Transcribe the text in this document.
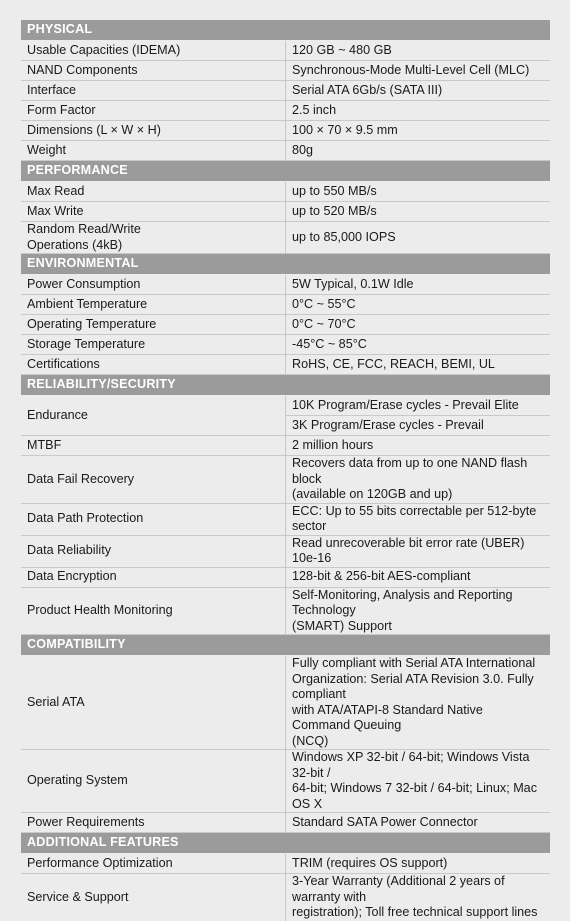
PHYSICAL	
Usable Capacities (IDEMA)	120 GB ~ 480 GB
NAND Components	Synchronous-Mode Multi-Level Cell (MLC)
Interface	Serial ATA 6Gb/s (SATA III)
Form Factor	2.5 inch
Dimensions (L × W × H)	100 × 70 × 9.5 mm
Weight	80g
PERFORMANCE	
Max Read	up to 550 MB/s
Max Write	up to 520 MB/s
Random Read/Write
Operations (4kB)	up to 85,000 IOPS
ENVIRONMENTAL	
Power Consumption	5W Typical, 0.1W Idle
Ambient Temperature	0°C ~ 55°C
Operating Temperature	0°C ~ 70°C
Storage Temperature	-45°C ~ 85°C
Certifications	RoHS, CE, FCC, REACH, BEMI, UL
RELIABILITY/SECURITY	
Endurance	10K Program/Erase cycles - Prevail Elite
	3K Program/Erase cycles - Prevail
MTBF	2 million hours
Data Fail Recovery	Recovers data from up to one NAND flash block
(available on 120GB and up)
Data Path Protection	ECC: Up to 55 bits correctable per 512-byte sector
Data Reliability	Read unrecoverable bit error rate (UBER) 10e-16
Data Encryption	128-bit & 256-bit AES-compliant
Product Health Monitoring	Self-Monitoring, Analysis and Reporting
Technology
(SMART) Support
COMPATIBILITY	
Serial ATA	Fully compliant with Serial ATA International
Organization: Serial ATA Revision 3.0. Fully compliant
with ATA/ATAPI-8 Standard Native Command Queuing
(NCQ)
Operating System	Windows XP 32-bit / 64-bit; Windows Vista 32-bit /
64-bit; Windows 7 32-bit / 64-bit; Linux; Mac OS X
Power Requirements	Standard SATA Power Connector
ADDITIONAL FEATURES	
Performance Optimization	TRIM (requires OS support)
Service & Support	3-Year Warranty (Additional 2 years of warranty with
registration); Toll free technical support lines
